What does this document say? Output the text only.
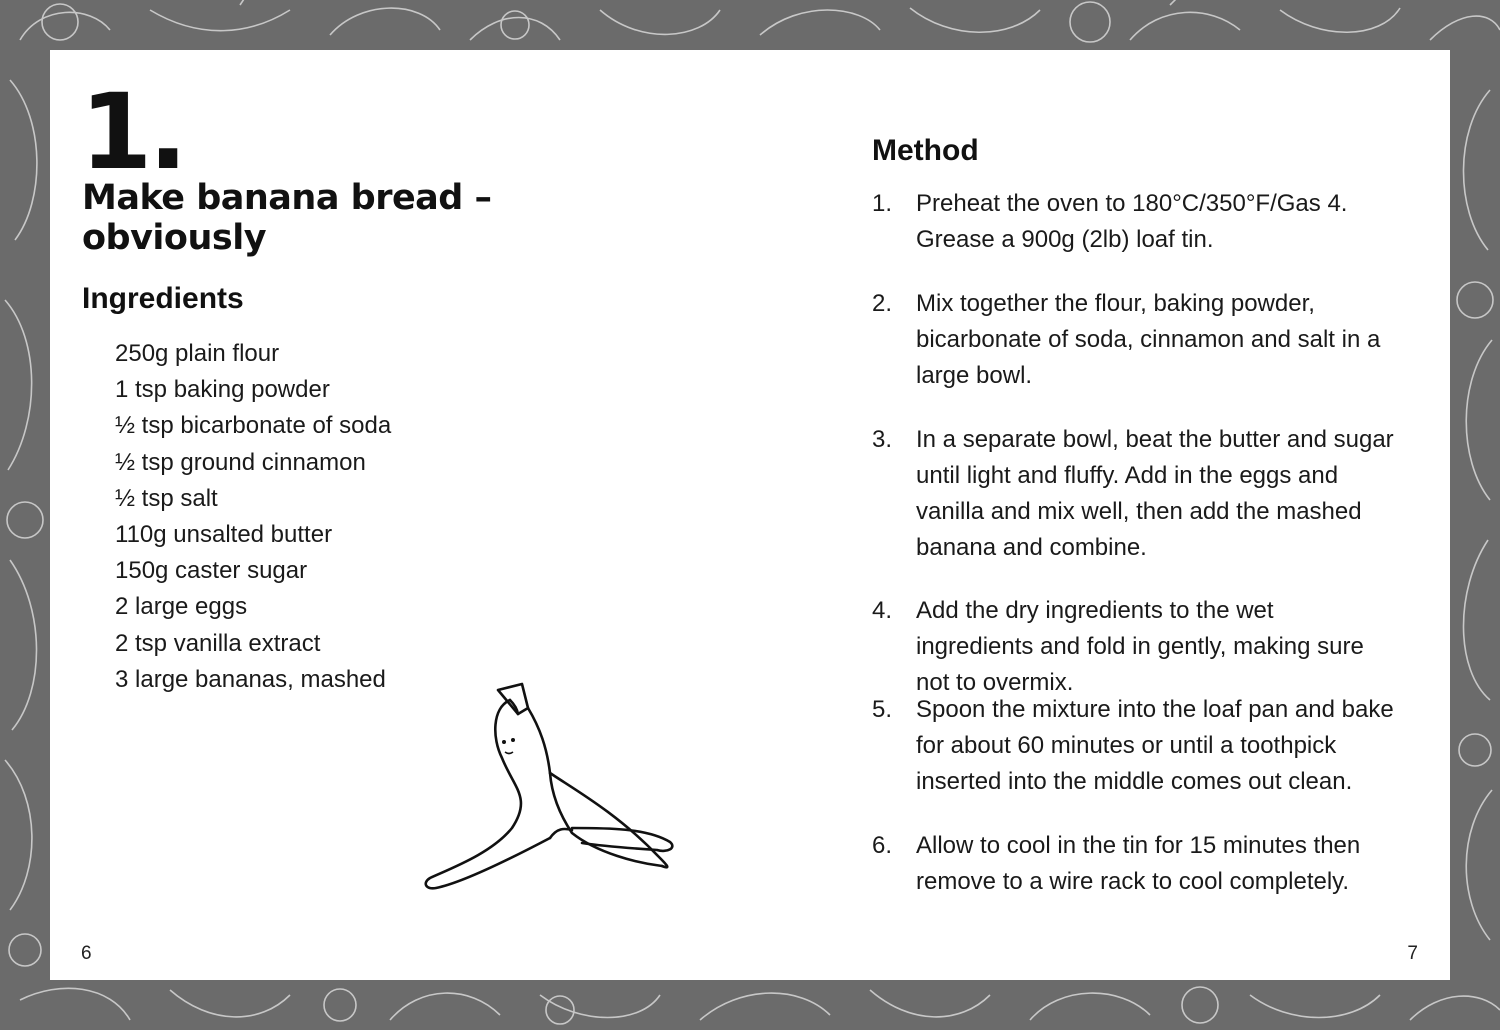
1.
Make banana bread – obviously
Ingredients
250g plain flour
1 tsp baking powder
½ tsp bicarbonate of soda
½ tsp ground cinnamon
½ tsp salt
110g unsalted butter
150g caster sugar
2 large eggs
2 tsp vanilla extract
3 large bananas, mashed
Method
1. Preheat the oven to 180°C/350°F/Gas 4. Grease a 900g (2lb) loaf tin.
2. Mix together the flour, baking powder, bicarbonate of soda, cinnamon and salt in a large bowl.
3. In a separate bowl, beat the butter and sugar until light and fluffy. Add in the eggs and vanilla and mix well, then add the mashed banana and combine.
4. Add the dry ingredients to the wet ingredients and fold in gently, making sure not to overmix.
5. Spoon the mixture into the loaf pan and bake for about 60 minutes or until a toothpick inserted into the middle comes out clean.
6. Allow to cool in the tin for 15 minutes then remove to a wire rack to cool completely.
6	7
